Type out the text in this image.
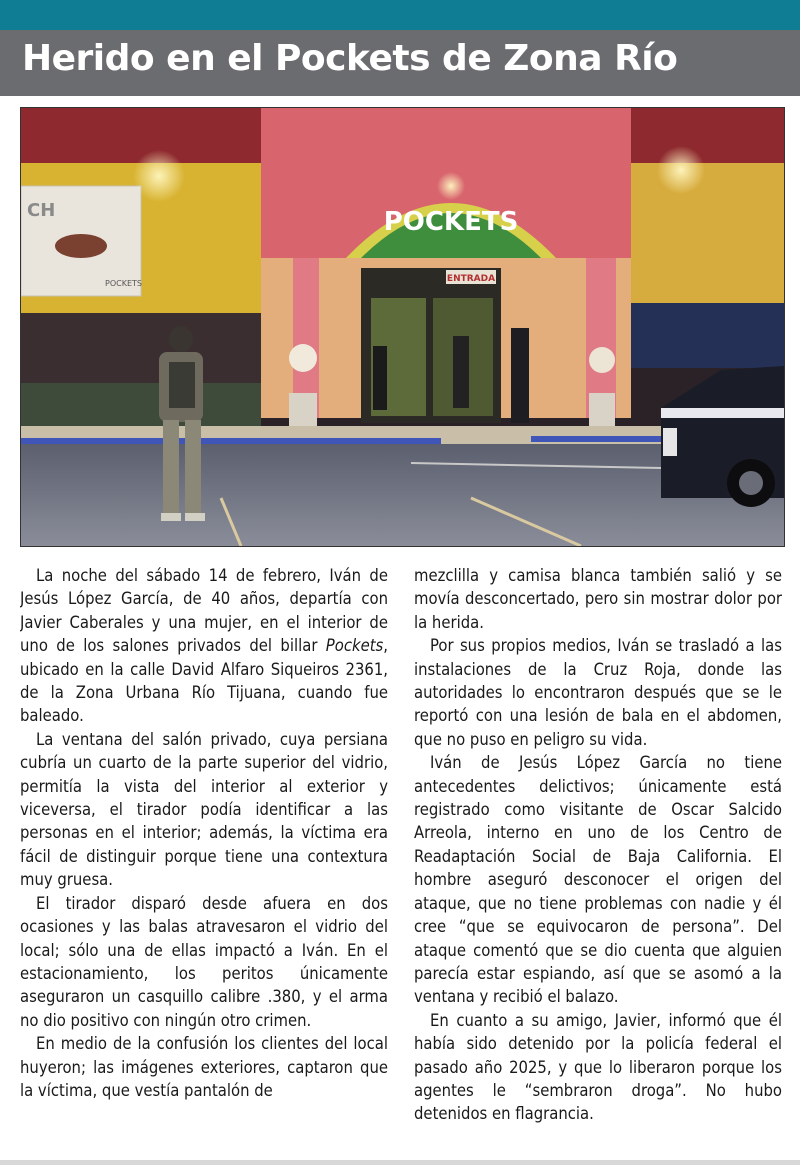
Herido en el Pockets de Zona Río
CH
POCKETS
POCKETS
ENTRADA

La noche del sábado 14 de febrero, Iván de Jesús López García, de 40 años, departía con Javier Caberales y una mujer, en el interior de uno de los salones privados del billar Pockets, ubicado en la calle David Alfaro Siqueiros 2361, de la Zona Urbana Río Tijuana, cuando fue baleado.

La ventana del salón privado, cuya persiana cubría un cuarto de la parte superior del vidrio, permitía la vista del interior al exterior y viceversa, el tirador podía identificar a las personas en el interior; además, la víctima era fácil de distinguir porque tiene una contextura muy gruesa.

El tirador disparó desde afuera en dos ocasiones y las balas atravesaron el vidrio del local; sólo una de ellas impactó a Iván. En el estacionamiento, los peritos únicamente aseguraron un casquillo calibre .380, y el arma no dio positivo con ningún otro crimen.

En medio de la confusión los clientes del local huyeron; las imágenes exteriores, captaron que la víctima, que vestía pantalón de

mezclilla y camisa blanca también salió y se movía desconcertado, pero sin mostrar dolor por la herida.

Por sus propios medios, Iván se trasladó a las instalaciones de la Cruz Roja, donde las autoridades lo encontraron después que se le reportó con una lesión de bala en el abdomen, que no puso en peligro su vida.

Iván de Jesús López García no tiene antecedentes delictivos; únicamente está registrado como visitante de Oscar Salcido Arreola, interno en uno de los Centro de Readaptación Social de Baja California. El hombre aseguró desconocer el origen del ataque, que no tiene problemas con nadie y él cree “que se equivocaron de persona”. Del ataque comentó que se dio cuenta que alguien parecía estar espiando, así que se asomó a la ventana y recibió el balazo.

En cuanto a su amigo, Javier, informó que él había sido detenido por la policía federal el pasado año 2025, y que lo liberaron porque los agentes le “sembraron droga”. No hubo detenidos en flagrancia.
